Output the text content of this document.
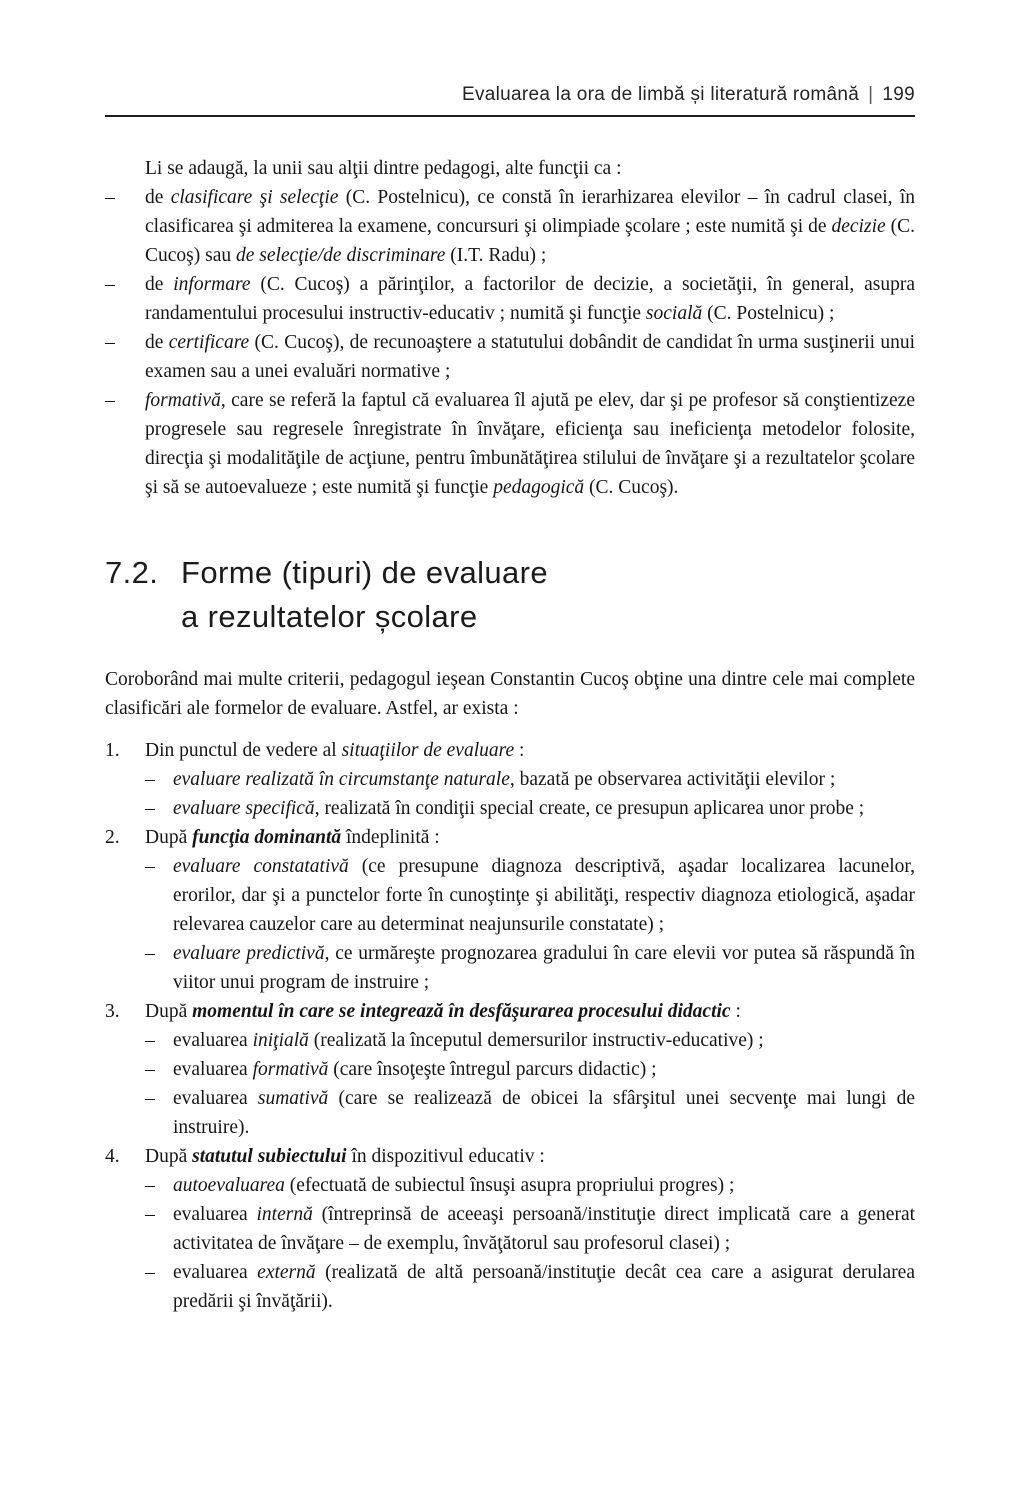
Evaluarea la ora de limbă și literatură română | 199

Li se adaugă, la unii sau alţii dintre pedagogi, alte funcţii ca :

–	de clasificare şi selecţie (C. Postelnicu), ce constă în ierarhizarea elevilor – în cadrul clasei, în clasificarea şi admiterea la examene, concursuri şi olimpiade şcolare ; este numită şi de decizie (C. Cucoş) sau de selecţie/de discriminare (I.T. Radu) ;
–	de informare (C. Cucoş) a părinţilor, a factorilor de decizie, a societăţii, în general, asupra randamentului procesului instructiv-educativ ; numită şi funcţie socială (C. Postelnicu) ;
–	de certificare (C. Cucoş), de recunoaştere a statutului dobândit de candidat în urma susţinerii unui examen sau a unei evaluări normative ;
–	formativă, care se referă la faptul că evaluarea îl ajută pe elev, dar şi pe profesor să conştientizeze progresele sau regresele înregistrate în învăţare, eficienţa sau ineficienţa metodelor folosite, direcţia şi modalităţile de acţiune, pentru îmbunătăţirea stilului de învăţare şi a rezultatelor şcolare şi să se autoevalueze ; este numită şi funcţie pedagogică (C. Cucoş).
7.2. Forme (tipuri) de evaluare
a rezultatelor școlare

Coroborând mai multe criterii, pedagogul ieşean Constantin Cucoş obţine una dintre cele mai complete clasificări ale formelor de evaluare. Astfel, ar exista :

1.	Din punctul de vedere al situaţiilor de evaluare :
– evaluare realizată în circumstanţe naturale, bazată pe observarea activităţii elevilor ;
– evaluare specifică, realizată în condiţii special create, ce presupun aplicarea unor probe ;
2.	După funcţia dominantă îndeplinită :
– evaluare constatativă (ce presupune diagnoza descriptivă, aşadar localizarea lacunelor, erorilor, dar şi a punctelor forte în cunoştinţe şi abilităţi, respectiv diagnoza etiologică, aşadar relevarea cauzelor care au determinat neajunsurile constatate) ;
– evaluare predictivă, ce urmăreşte prognozarea gradului în care elevii vor putea să răspundă în viitor unui program de instruire ;
3.	După momentul în care se integrează în desfăşurarea procesului didactic :
– evaluarea iniţială (realizată la începutul demersurilor instructiv-educative) ;
– evaluarea formativă (care însoţeşte întregul parcurs didactic) ;
– evaluarea sumativă (care se realizează de obicei la sfârşitul unei secvenţe mai lungi de instruire).
4.	După statutul subiectului în dispozitivul educativ :
– autoevaluarea (efectuată de subiectul însuşi asupra propriului progres) ;
– evaluarea internă (întreprinsă de aceeaşi persoană/instituţie direct implicată care a generat activitatea de învăţare – de exemplu, învăţătorul sau profesorul clasei) ;
– evaluarea externă (realizată de altă persoană/instituţie decât cea care a asigurat derularea predării şi învăţării).
